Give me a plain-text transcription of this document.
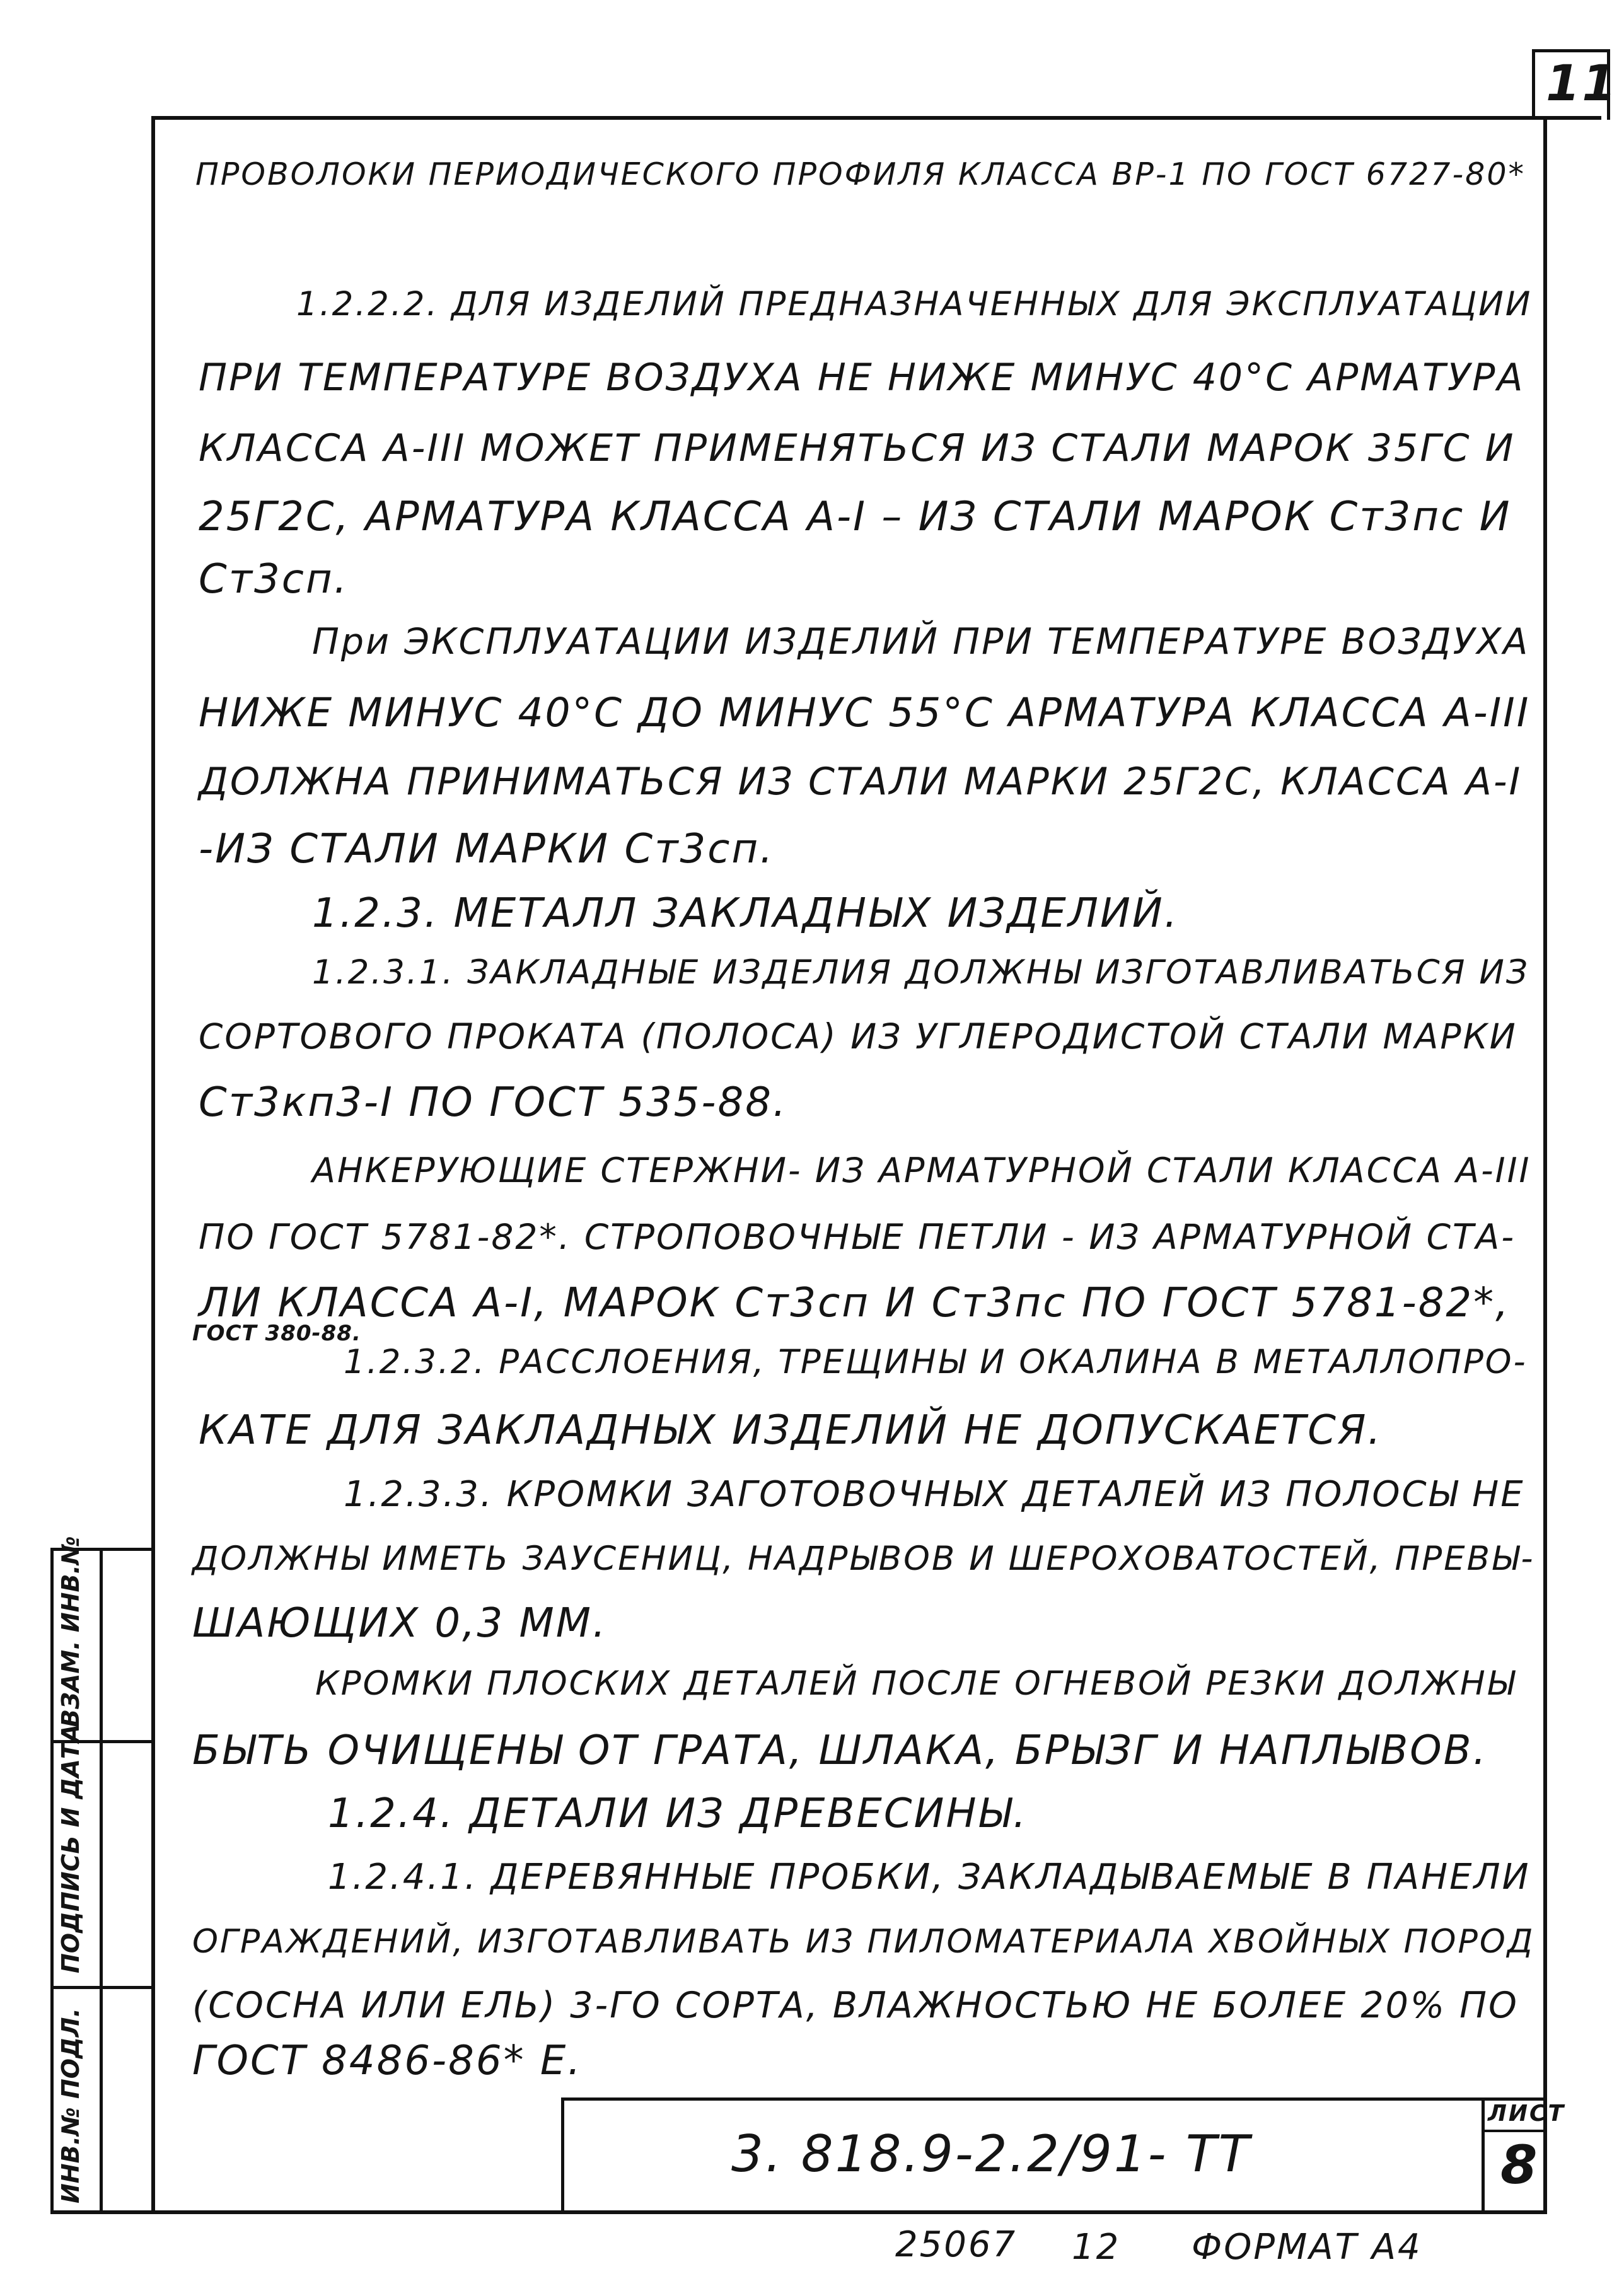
11
ВЗАМ. ИНВ.№
ПОДПИСЬ И ДАТА
ИНВ.№ ПОДЛ.	3. 818.9-2.2/91- ТТ
ЛИСТ
8
25067 12 ФОРМАТ А4
ПРОВОЛОКИ ПЕРИОДИЧЕСКОГО ПРОФИЛЯ КЛАССА ВР-1 ПО ГОСТ 6727-80*
1.2.2.2. ДЛЯ ИЗДЕЛИЙ ПРЕДНАЗНАЧЕННЫХ ДЛЯ ЭКСПЛУАТАЦИИ
ПРИ ТЕМПЕРАТУРЕ ВОЗДУХА НЕ НИЖЕ МИНУС 40°С АРМАТУРА
КЛАССА А-III МОЖЕТ ПРИМЕНЯТЬСЯ ИЗ СТАЛИ МАРОК 35ГС И
25Г2С, АРМАТУРА КЛАССА А-I – ИЗ СТАЛИ МАРОК Ст3пс И
Ст3сп.
При ЭКСПЛУАТАЦИИ ИЗДЕЛИЙ ПРИ ТЕМПЕРАТУРЕ ВОЗДУХА
НИЖЕ МИНУС 40°С ДО МИНУС 55°С АРМАТУРА КЛАССА А-III
ДОЛЖНА ПРИНИМАТЬСЯ ИЗ СТАЛИ МАРКИ 25Г2С, КЛАССА А-I
-ИЗ СТАЛИ МАРКИ Ст3сп.
1.2.3. МЕТАЛЛ ЗАКЛАДНЫХ ИЗДЕЛИЙ.
1.2.3.1. ЗАКЛАДНЫЕ ИЗДЕЛИЯ ДОЛЖНЫ ИЗГОТАВЛИВАТЬСЯ ИЗ
СОРТОВОГО ПРОКАТА (ПОЛОСА) ИЗ УГЛЕРОДИСТОЙ СТАЛИ МАРКИ
Ст3кп3-I ПО ГОСТ 535-88.
АНКЕРУЮЩИЕ СТЕРЖНИ- ИЗ АРМАТУРНОЙ СТАЛИ КЛАССА А-III
ПО ГОСТ 5781-82*. СТРОПОВОЧНЫЕ ПЕТЛИ - ИЗ АРМАТУРНОЙ СТА-
ЛИ КЛАССА А-I, МАРОК Ст3сп И Ст3пс ПО ГОСТ 5781-82*,
ГОСТ 380-88.
1.2.3.2. РАССЛОЕНИЯ, ТРЕЩИНЫ И ОКАЛИНА В МЕТАЛЛОПРО-
КАТЕ ДЛЯ ЗАКЛАДНЫХ ИЗДЕЛИЙ НЕ ДОПУСКАЕТСЯ.
1.2.3.3. КРОМКИ ЗАГОТОВОЧНЫХ ДЕТАЛЕЙ ИЗ ПОЛОСЫ НЕ
ДОЛЖНЫ ИМЕТЬ ЗАУСЕНИЦ, НАДРЫВОВ И ШЕРОХОВАТОСТЕЙ, ПРЕВЫ-
ШАЮЩИХ 0,3 ММ.
КРОМКИ ПЛОСКИХ ДЕТАЛЕЙ ПОСЛЕ ОГНЕВОЙ РЕЗКИ ДОЛЖНЫ
БЫТЬ ОЧИЩЕНЫ ОТ ГРАТА, ШЛАКА, БРЫЗГ И НАПЛЫВОВ.
1.2.4. ДЕТАЛИ ИЗ ДРЕВЕСИНЫ.
1.2.4.1. ДЕРЕВЯННЫЕ ПРОБКИ, ЗАКЛАДЫВАЕМЫЕ В ПАНЕЛИ
ОГРАЖДЕНИЙ, ИЗГОТАВЛИВАТЬ ИЗ ПИЛОМАТЕРИАЛА ХВОЙНЫХ ПОРОД
(СОСНА ИЛИ ЕЛЬ) 3-ГО СОРТА, ВЛАЖНОСТЬЮ НЕ БОЛЕЕ 20% ПО
ГОСТ 8486-86* Е.
